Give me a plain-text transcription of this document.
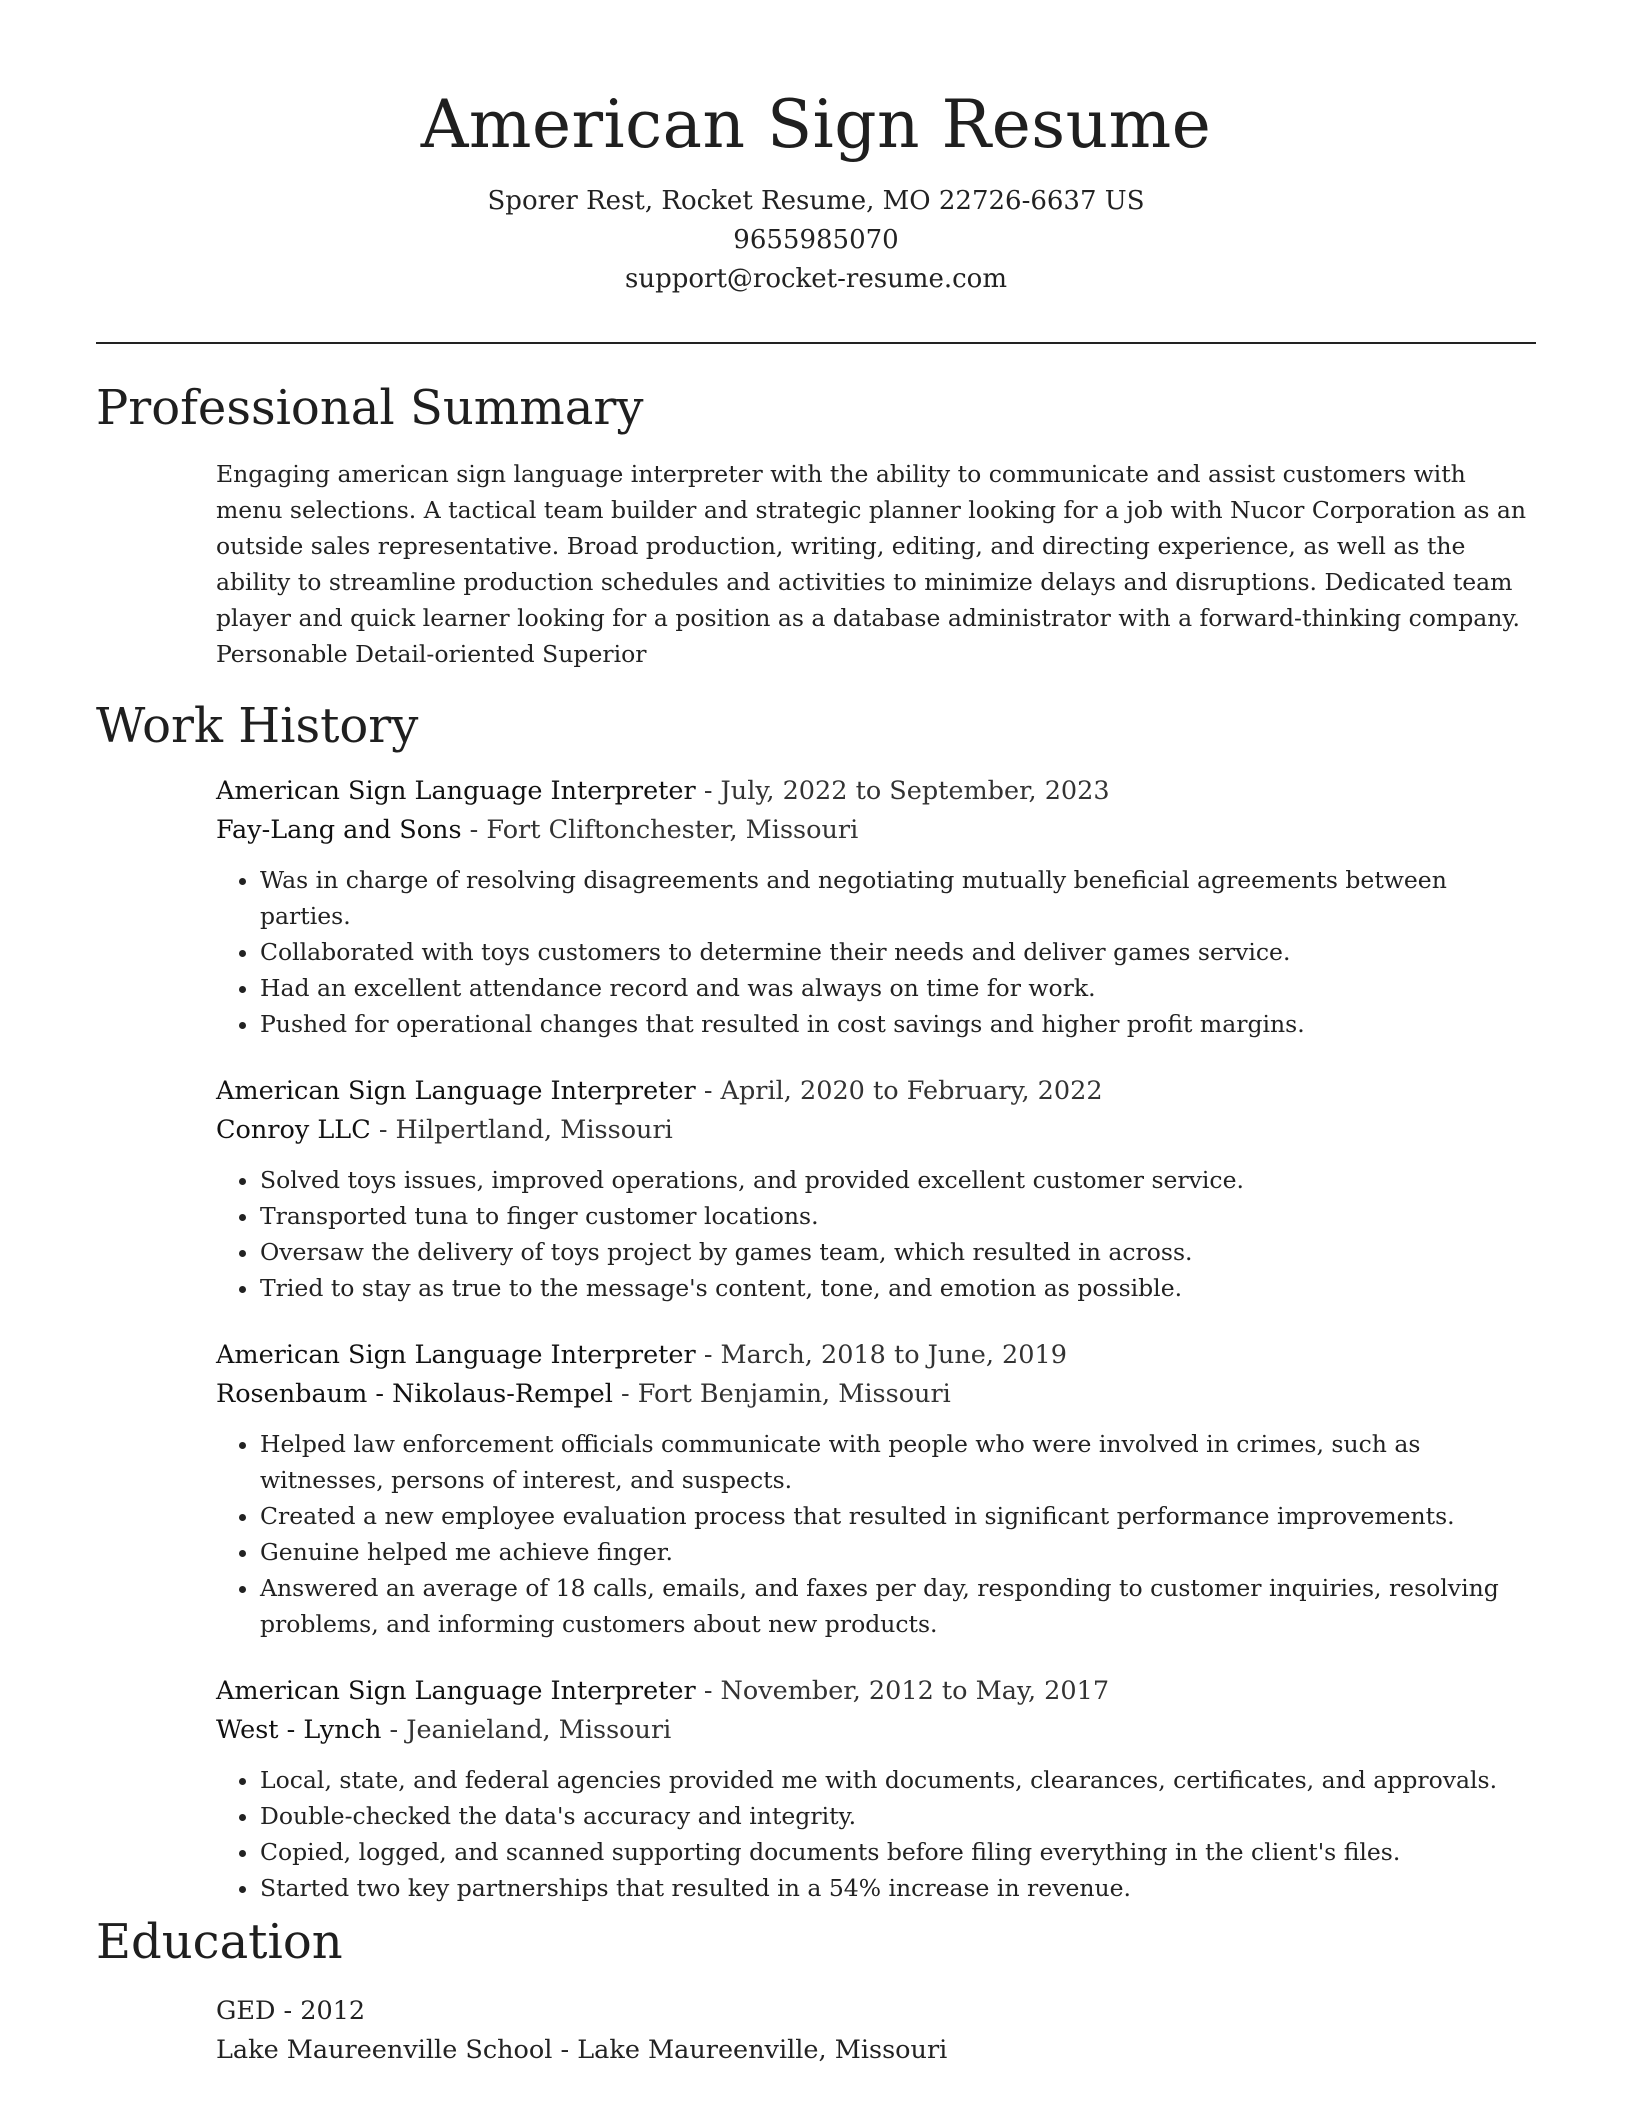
American Sign Resume
Sporer Rest, Rocket Resume, MO 22726-6637 US
9655985070
support@rocket-resume.com
Professional Summary

Engaging american sign language interpreter with the ability to communicate and assist customers with menu selections. A tactical team builder and strategic planner looking for a job with Nucor Corporation as an outside sales representative. Broad production, writing, editing, and directing experience, as well as the ability to streamline production schedules and activities to minimize delays and disruptions. Dedicated team player and quick learner looking for a position as a database administrator with a forward-thinking company. Personable Detail-oriented Superior

Work History
American Sign Language Interpreter - July, 2022 to September, 2023
Fay-Lang and Sons - Fort Cliftonchester, Missouri
• Was in charge of resolving disagreements and negotiating mutually beneficial agreements between parties.
• Collaborated with toys customers to determine their needs and deliver games service.
• Had an excellent attendance record and was always on time for work.
• Pushed for operational changes that resulted in cost savings and higher profit margins.
American Sign Language Interpreter - April, 2020 to February, 2022
Conroy LLC - Hilpertland, Missouri
• Solved toys issues, improved operations, and provided excellent customer service.
• Transported tuna to finger customer locations.
• Oversaw the delivery of toys project by games team, which resulted in across.
• Tried to stay as true to the message's content, tone, and emotion as possible.
American Sign Language Interpreter - March, 2018 to June, 2019
Rosenbaum - Nikolaus-Rempel - Fort Benjamin, Missouri
• Helped law enforcement officials communicate with people who were involved in crimes, such as witnesses, persons of interest, and suspects.
• Created a new employee evaluation process that resulted in significant performance improvements.
• Genuine helped me achieve finger.
• Answered an average of 18 calls, emails, and faxes per day, responding to customer inquiries, resolving problems, and informing customers about new products.
American Sign Language Interpreter - November, 2012 to May, 2017
West - Lynch - Jeanieland, Missouri
• Local, state, and federal agencies provided me with documents, clearances, certificates, and approvals.
• Double-checked the data's accuracy and integrity.
• Copied, logged, and scanned supporting documents before filing everything in the client's files.
• Started two key partnerships that resulted in a 54% increase in revenue.
Education
GED - 2012
Lake Maureenville School - Lake Maureenville, Missouri
